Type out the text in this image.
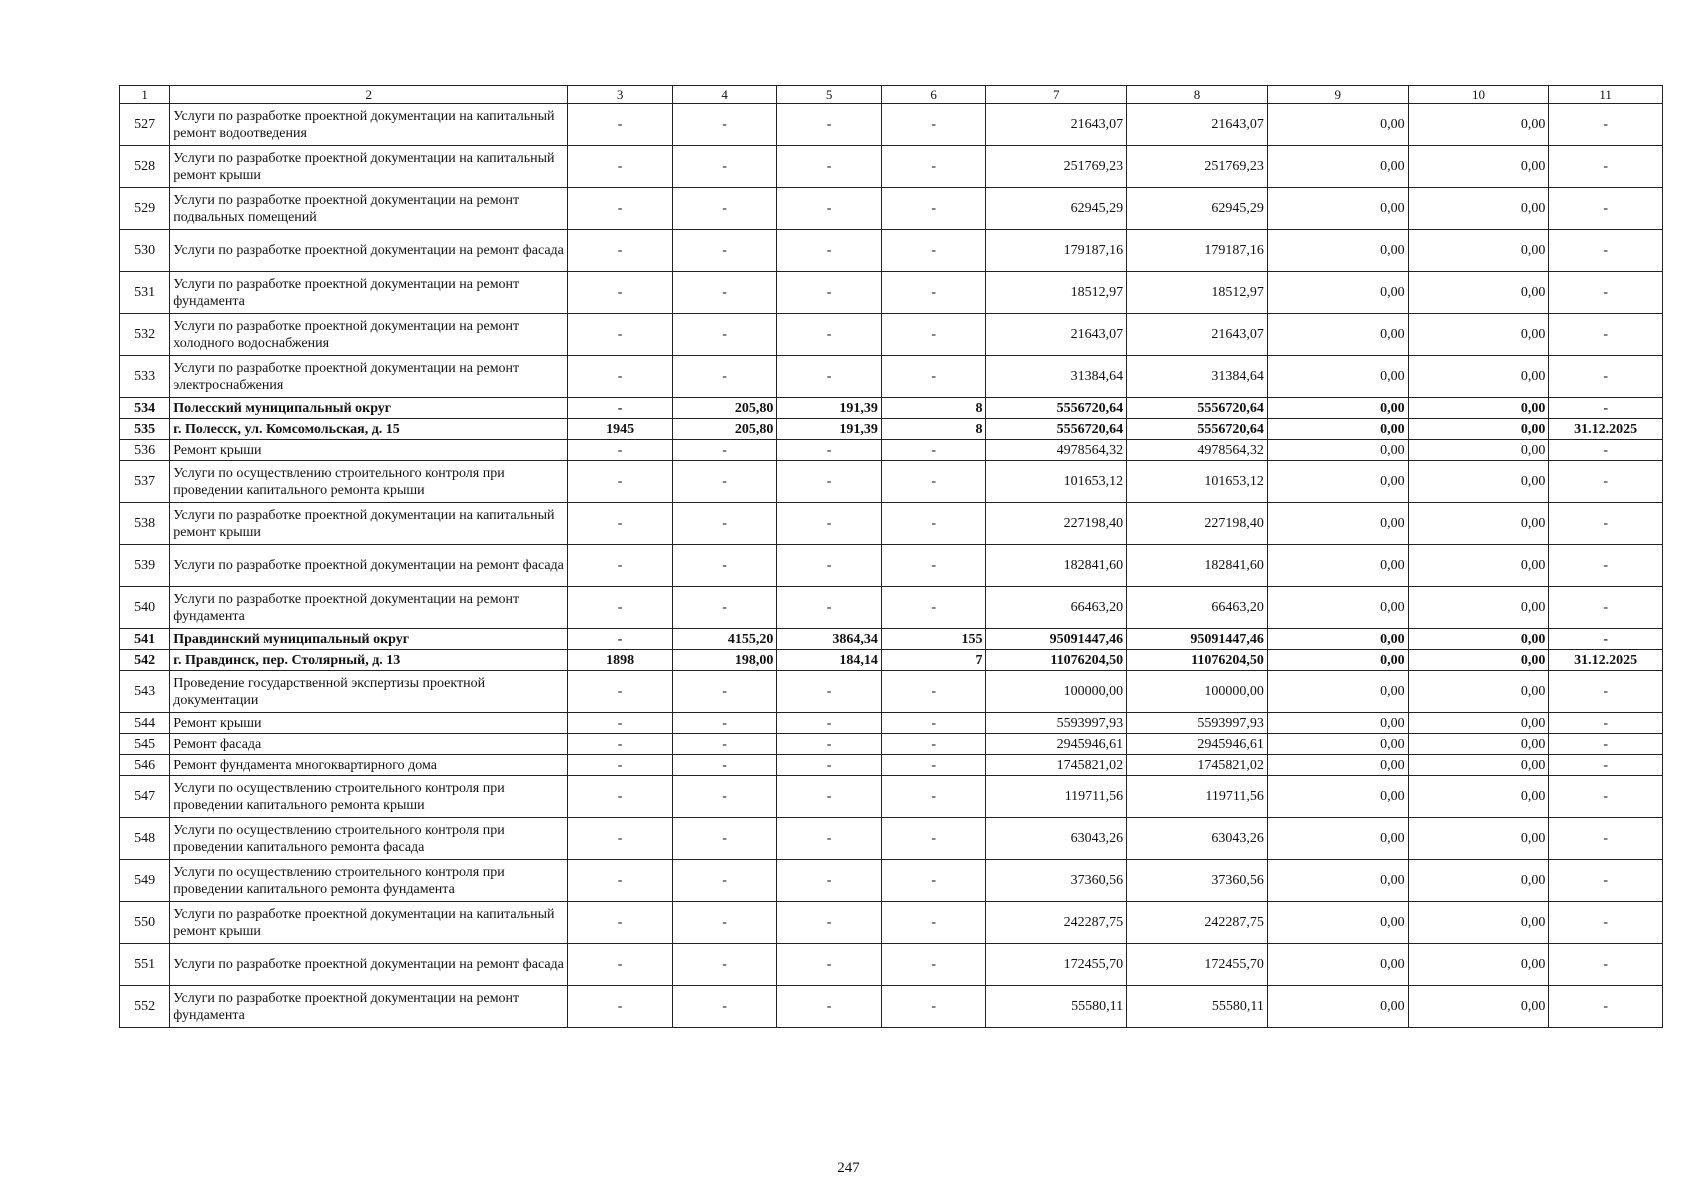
1	2	3	4	5	6	7	8	9	10	11
527	Услуги по разработке проектной документации на капитальный ремонт водоотведения	-	-	-	-	21643,07	21643,07	0,00	0,00	-
528	Услуги по разработке проектной документации на капитальный ремонт крыши	-	-	-	-	251769,23	251769,23	0,00	0,00	-
529	Услуги по разработке проектной документации на ремонт подвальных помещений	-	-	-	-	62945,29	62945,29	0,00	0,00	-
530	Услуги по разработке проектной документации на ремонт фасада	-	-	-	-	179187,16	179187,16	0,00	0,00	-
531	Услуги по разработке проектной документации на ремонт фундамента	-	-	-	-	18512,97	18512,97	0,00	0,00	-
532	Услуги по разработке проектной документации на ремонт холодного водоснабжения	-	-	-	-	21643,07	21643,07	0,00	0,00	-
533	Услуги по разработке проектной документации на ремонт электроснабжения	-	-	-	-	31384,64	31384,64	0,00	0,00	-
534	Полесский муниципальный округ	-	205,80	191,39	8	5556720,64	5556720,64	0,00	0,00	-
535	г. Полесск, ул. Комсомольская, д. 15	1945	205,80	191,39	8	5556720,64	5556720,64	0,00	0,00	31.12.2025
536	Ремонт крыши	-	-	-	-	4978564,32	4978564,32	0,00	0,00	-
537	Услуги по осуществлению строительного контроля при проведении капитального ремонта крыши	-	-	-	-	101653,12	101653,12	0,00	0,00	-
538	Услуги по разработке проектной документации на капитальный ремонт крыши	-	-	-	-	227198,40	227198,40	0,00	0,00	-
539	Услуги по разработке проектной документации на ремонт фасада	-	-	-	-	182841,60	182841,60	0,00	0,00	-
540	Услуги по разработке проектной документации на ремонт фундамента	-	-	-	-	66463,20	66463,20	0,00	0,00	-
541	Правдинский муниципальный округ	-	4155,20	3864,34	155	95091447,46	95091447,46	0,00	0,00	-
542	г. Правдинск, пер. Столярный, д. 13	1898	198,00	184,14	7	11076204,50	11076204,50	0,00	0,00	31.12.2025
543	Проведение государственной экспертизы проектной документации	-	-	-	-	100000,00	100000,00	0,00	0,00	-
544	Ремонт крыши	-	-	-	-	5593997,93	5593997,93	0,00	0,00	-
545	Ремонт фасада	-	-	-	-	2945946,61	2945946,61	0,00	0,00	-
546	Ремонт фундамента многоквартирного дома	-	-	-	-	1745821,02	1745821,02	0,00	0,00	-
547	Услуги по осуществлению строительного контроля при проведении капитального ремонта крыши	-	-	-	-	119711,56	119711,56	0,00	0,00	-
548	Услуги по осуществлению строительного контроля при проведении капитального ремонта фасада	-	-	-	-	63043,26	63043,26	0,00	0,00	-
549	Услуги по осуществлению строительного контроля при проведении капитального ремонта фундамента	-	-	-	-	37360,56	37360,56	0,00	0,00	-
550	Услуги по разработке проектной документации на капитальный ремонт крыши	-	-	-	-	242287,75	242287,75	0,00	0,00	-
551	Услуги по разработке проектной документации на ремонт фасада	-	-	-	-	172455,70	172455,70	0,00	0,00	-
552	Услуги по разработке проектной документации на ремонт фундамента	-	-	-	-	55580,11	55580,11	0,00	0,00	-
247
